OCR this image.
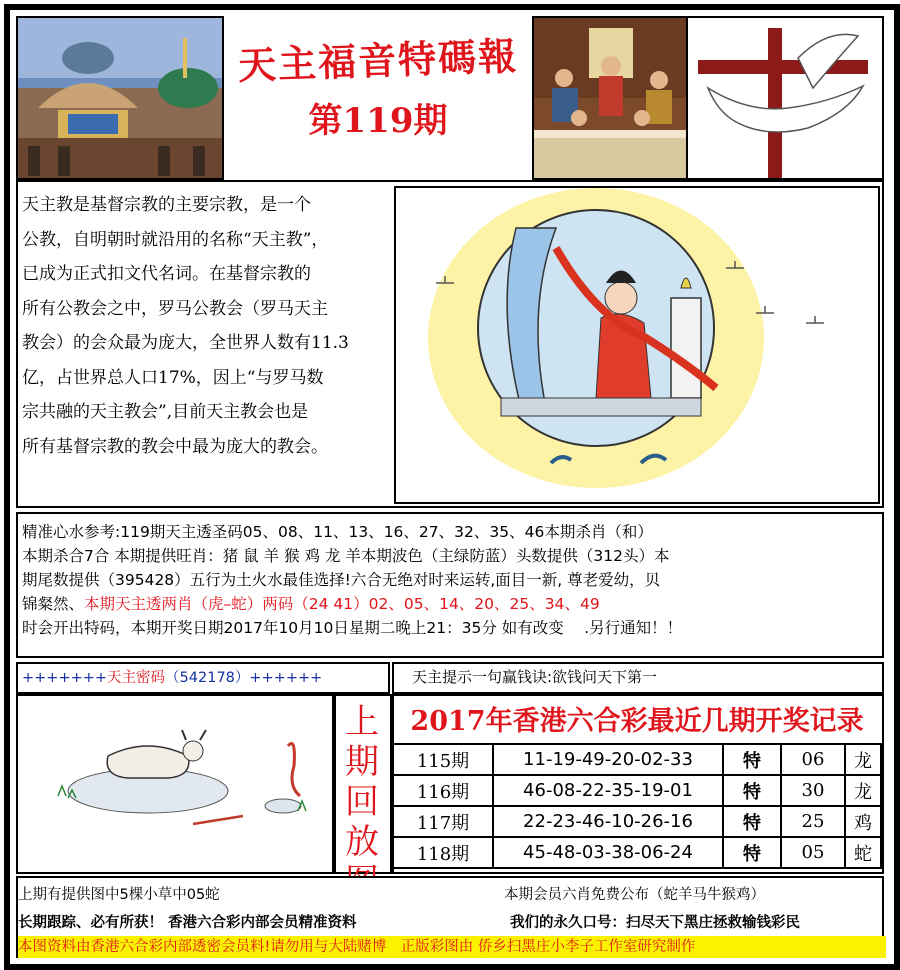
天主福音特碼報
第119期
天主教是基督宗教的主要宗教，是一个
公教，自明朝时就沿用的名称“天主教”，
已成为正式扣文代名词。在基督宗教的
所有公教会之中，罗马公教会（罗马天主
教会）的会众最为庞大，全世界人数有11.3
亿，占世界总人口17%，因上“与罗马数
宗共融的天主教会”,目前天主教会也是
所有基督宗教的教会中最为庞大的教会。
精准心水参考:119期天主透圣码05、08、11、13、16、27、32、35、46本期杀肖（和）
本期杀合7合 本期提供旺肖：猪 鼠 羊 猴 鸡 龙 羊本期波色（主绿防蓝）头数提供（312头）本
期尾数提供（395428）五行为土火水最佳选择!六合无绝对时来运转,面目一新, 尊老爱幼，贝
锦粲然、本期天主透两肖（虎–蛇）两码（24 41）02、05、14、20、25、34、49
时会开出特码，本期开奖日期2017年10月10日星期二晚上21：35分 如有改变　 .另行通知！！
+++++++天主密码（542178）++++++	天主提示一句赢钱诀:欲钱问天下第一
上
期
回
放
2017年香港六合彩最近几期开奖记录
115期	11-19-49-20-02-33	特	06	龙
116期	46-08-22-35-19-01	特	30	龙
117期	22-23-46-10-26-16	特	25	鸡
118期	45-48-03-38-06-24	特	05	蛇
上期有提供图中5棵小草中05蛇	本期会员六肖免费公布（蛇羊马牛猴鸡）
长期跟踪、必有所获！ 香港六合彩内部会员精准资料	我们的永久口号：扫尽天下黑庄拯救输钱彩民
本图资料由香港六合彩内部透密会员料!请勿用与大陆赌博　正版彩图由 侨乡扫黑庄小李子工作室研究制作
